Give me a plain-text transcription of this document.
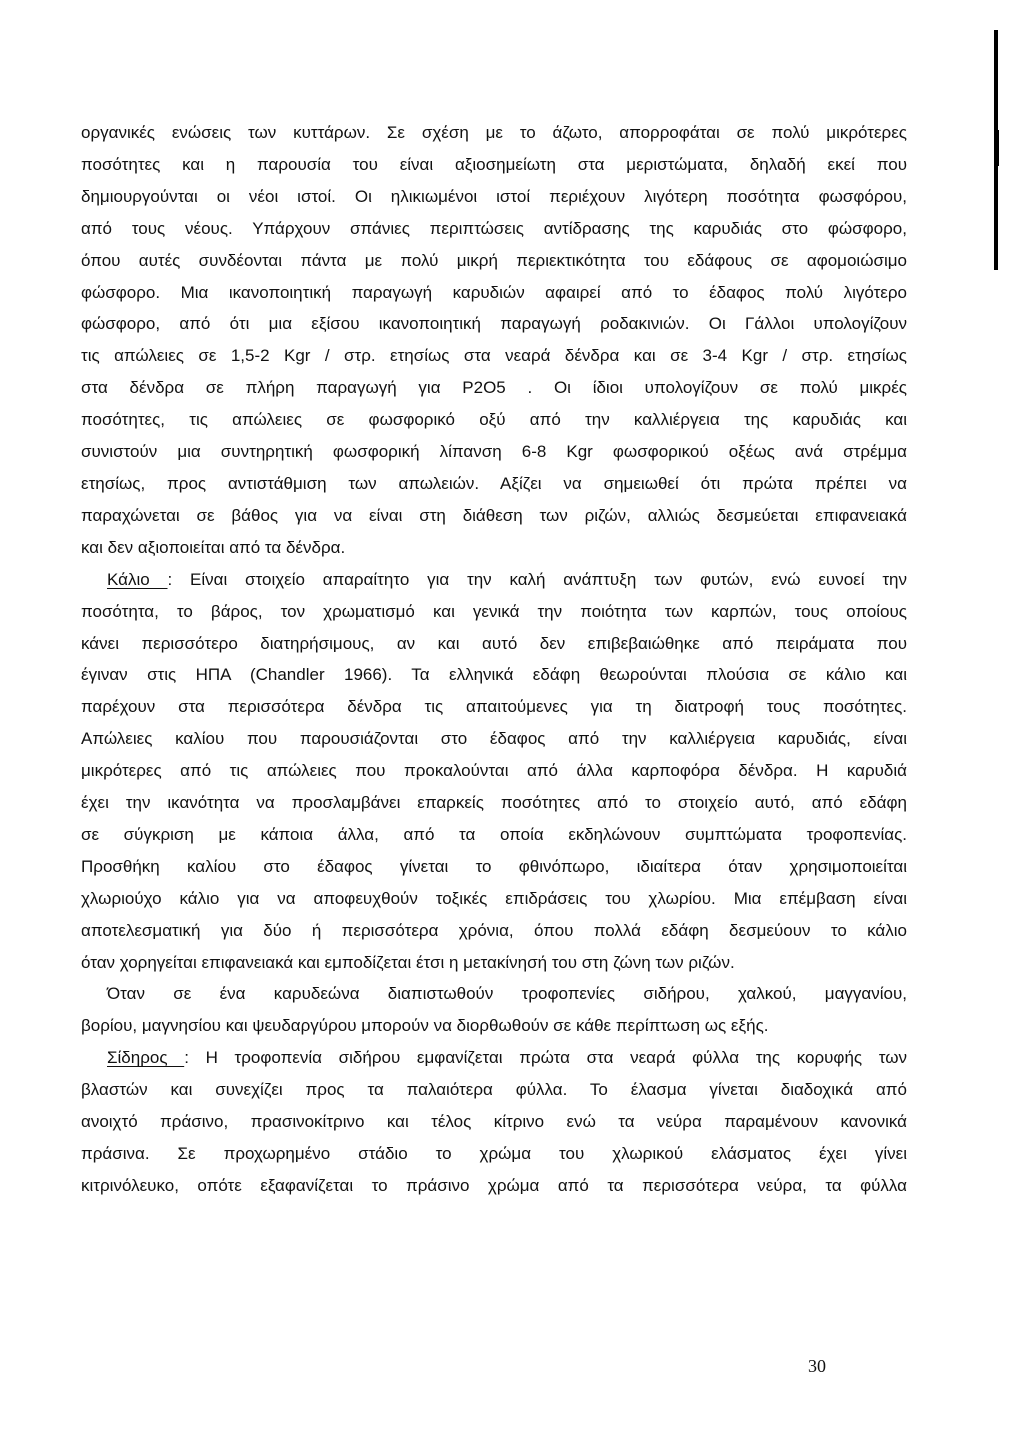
οργανικές ενώσεις των κυττάρων. Σε σχέση με το άζωτο, απορροφάται σε πολύ μικρότερες

ποσότητες και η παρουσία του είναι αξιοσημείωτη στα μεριστώματα, δηλαδή εκεί που

δημιουργούνται οι νέοι ιστοί. Οι ηλικιωμένοι ιστοί περιέχουν λιγότερη ποσότητα φωσφόρου,

από τους νέους. Υπάρχουν σπάνιες περιπτώσεις αντίδρασης της καρυδιάς στο φώσφορο,

όπου αυτές συνδέονται πάντα με πολύ μικρή περιεκτικότητα του εδάφους σε αφομοιώσιμο

φώσφορο. Μια ικανοποιητική παραγωγή καρυδιών αφαιρεί από το έδαφος πολύ λιγότερο

φώσφορο, από ότι μια εξίσου ικανοποιητική παραγωγή ροδακινιών. Οι Γάλλοι υπολογίζουν

τις απώλειες σε 1,5-2 Kgr / στρ. ετησίως στα νεαρά δένδρα και σε 3-4 Kgr / στρ. ετησίως

στα δένδρα σε πλήρη παραγωγή για P2O5 . Οι ίδιοι υπολογίζουν σε πολύ μικρές

ποσότητες, τις απώλειες σε φωσφορικό οξύ από την καλλιέργεια της καρυδιάς και

συνιστούν μια συντηρητική φωσφορική λίπανση 6-8 Kgr φωσφορικού οξέως ανά στρέμμα

ετησίως, προς αντιστάθμιση των απωλειών. Αξίζει να σημειωθεί ότι πρώτα πρέπει να

παραχώνεται σε βάθος για να είναι στη διάθεση των ριζών, αλλιώς δεσμεύεται επιφανειακά

και δεν αξιοποιείται από τα δένδρα.

Κάλιο : Είναι στοιχείο απαραίτητο για την καλή ανάπτυξη των φυτών, ενώ ευνοεί την

ποσότητα, το βάρος, τον χρωματισμό και γενικά την ποιότητα των καρπών, τους οποίους

κάνει περισσότερο διατηρήσιμους, αν και αυτό δεν επιβεβαιώθηκε από πειράματα που

έγιναν στις ΗΠΑ (Chandler 1966). Τα ελληνικά εδάφη θεωρούνται πλούσια σε κάλιο και

παρέχουν στα περισσότερα δένδρα τις απαιτούμενες για τη διατροφή τους ποσότητες.

Απώλειες καλίου που παρουσιάζονται στο έδαφος από την καλλιέργεια καρυδιάς, είναι

μικρότερες από τις απώλειες που προκαλούνται από άλλα καρποφόρα δένδρα. Η καρυδιά

έχει την ικανότητα να προσλαμβάνει επαρκείς ποσότητες από το στοιχείο αυτό, από εδάφη

σε σύγκριση με κάποια άλλα, από τα οποία εκδηλώνουν συμπτώματα τροφοπενίας.

Προσθήκη καλίου στο έδαφος γίνεται το φθινόπωρο, ιδιαίτερα όταν χρησιμοποιείται

χλωριούχο κάλιο για να αποφευχθούν τοξικές επιδράσεις του χλωρίου. Μια επέμβαση είναι

αποτελεσματική για δύο ή περισσότερα χρόνια, όπου πολλά εδάφη δεσμεύουν το κάλιο

όταν χορηγείται επιφανειακά και εμποδίζεται έτσι η μετακίνησή του στη ζώνη των ριζών.

Όταν σε ένα καρυδεώνα διαπιστωθούν τροφοπενίες σιδήρου, χαλκού, μαγγανίου,

βορίου, μαγνησίου και ψευδαργύρου μπορούν να διορθωθούν σε κάθε περίπτωση ως εξής.

Σίδηρος : Η τροφοπενία σιδήρου εμφανίζεται πρώτα στα νεαρά φύλλα της κορυφής των

βλαστών και συνεχίζει προς τα παλαιότερα φύλλα. Το έλασμα γίνεται διαδοχικά από

ανοιχτό πράσινο, πρασινοκίτρινο και τέλος κίτρινο ενώ τα νεύρα παραμένουν κανονικά

πράσινα. Σε προχωρημένο στάδιο το χρώμα του χλωρικού ελάσματος έχει γίνει

κιτρινόλευκο, οπότε εξαφανίζεται το πράσινο χρώμα από τα περισσότερα νεύρα, τα φύλλα

30
